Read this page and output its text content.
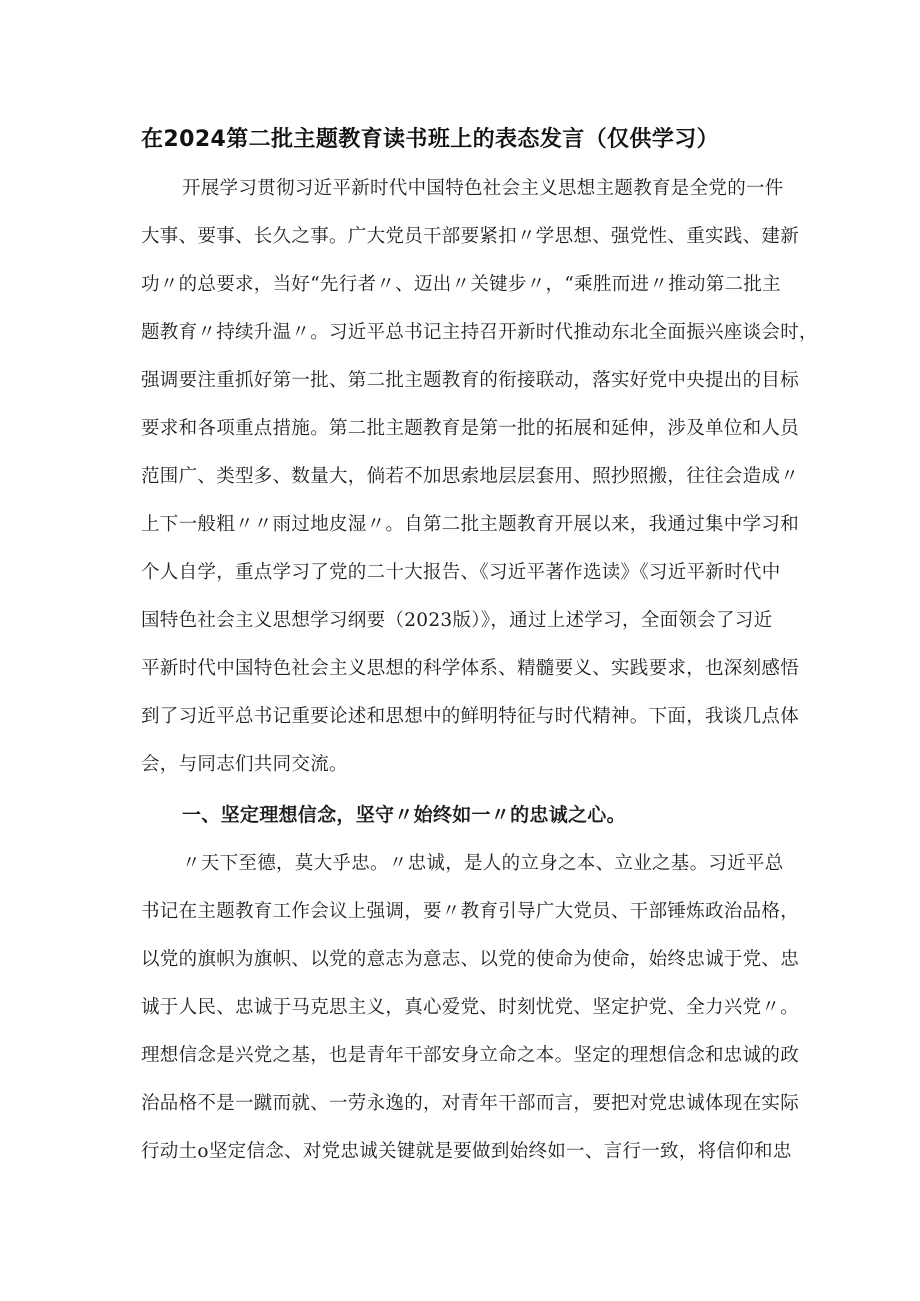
在2024第二批主题教育读书班上的表态发言（仅供学习）

开展学习贯彻习近平新时代中国特色社会主义思想主题教育是全党的一件

大事、要事、长久之事。广大党员干部要紧扣〃学思想、强党性、重实践、建新

功〃的总要求，当好“先行者〃、迈出〃关键步〃，“乘胜而进〃推动第二批主

题教育〃持续升温〃。习近平总书记主持召开新时代推动东北全面振兴座谈会时，

强调要注重抓好第一批、第二批主题教育的衔接联动，落实好党中央提出的目标

要求和各项重点措施。第二批主题教育是第一批的拓展和延伸，涉及单位和人员

范围广、类型多、数量大，倘若不加思索地层层套用、照抄照搬，往往会造成〃

上下一般粗〃〃雨过地皮湿〃。自第二批主题教育开展以来，我通过集中学习和

个人自学，重点学习了党的二十大报告、《习近平著作选读》《习近平新时代中

国特色社会主义思想学习纲要（2023版）》，通过上述学习，全面领会了习近

平新时代中国特色社会主义思想的科学体系、精髓要义、实践要求，也深刻感悟

到了习近平总书记重要论述和思想中的鲜明特征与时代精神。下面，我谈几点体

会，与同志们共同交流。

一、坚定理想信念，坚守〃始终如一〃的忠诚之心。

〃天下至德，莫大乎忠。〃忠诚，是人的立身之本、立业之基。习近平总

书记在主题教育工作会议上强调，要〃教育引导广大党员、干部锤炼政治品格，

以党的旗帜为旗帜、以党的意志为意志、以党的使命为使命，始终忠诚于党、忠

诚于人民、忠诚于马克思主义，真心爱党、时刻忧党、坚定护党、全力兴党〃。

理想信念是兴党之基，也是青年干部安身立命之本。坚定的理想信念和忠诚的政

治品格不是一蹴而就、一劳永逸的，对青年干部而言，要把对党忠诚体现在实际

行动土o坚定信念、对党忠诚关键就是要做到始终如一、言行一致，将信仰和忠
